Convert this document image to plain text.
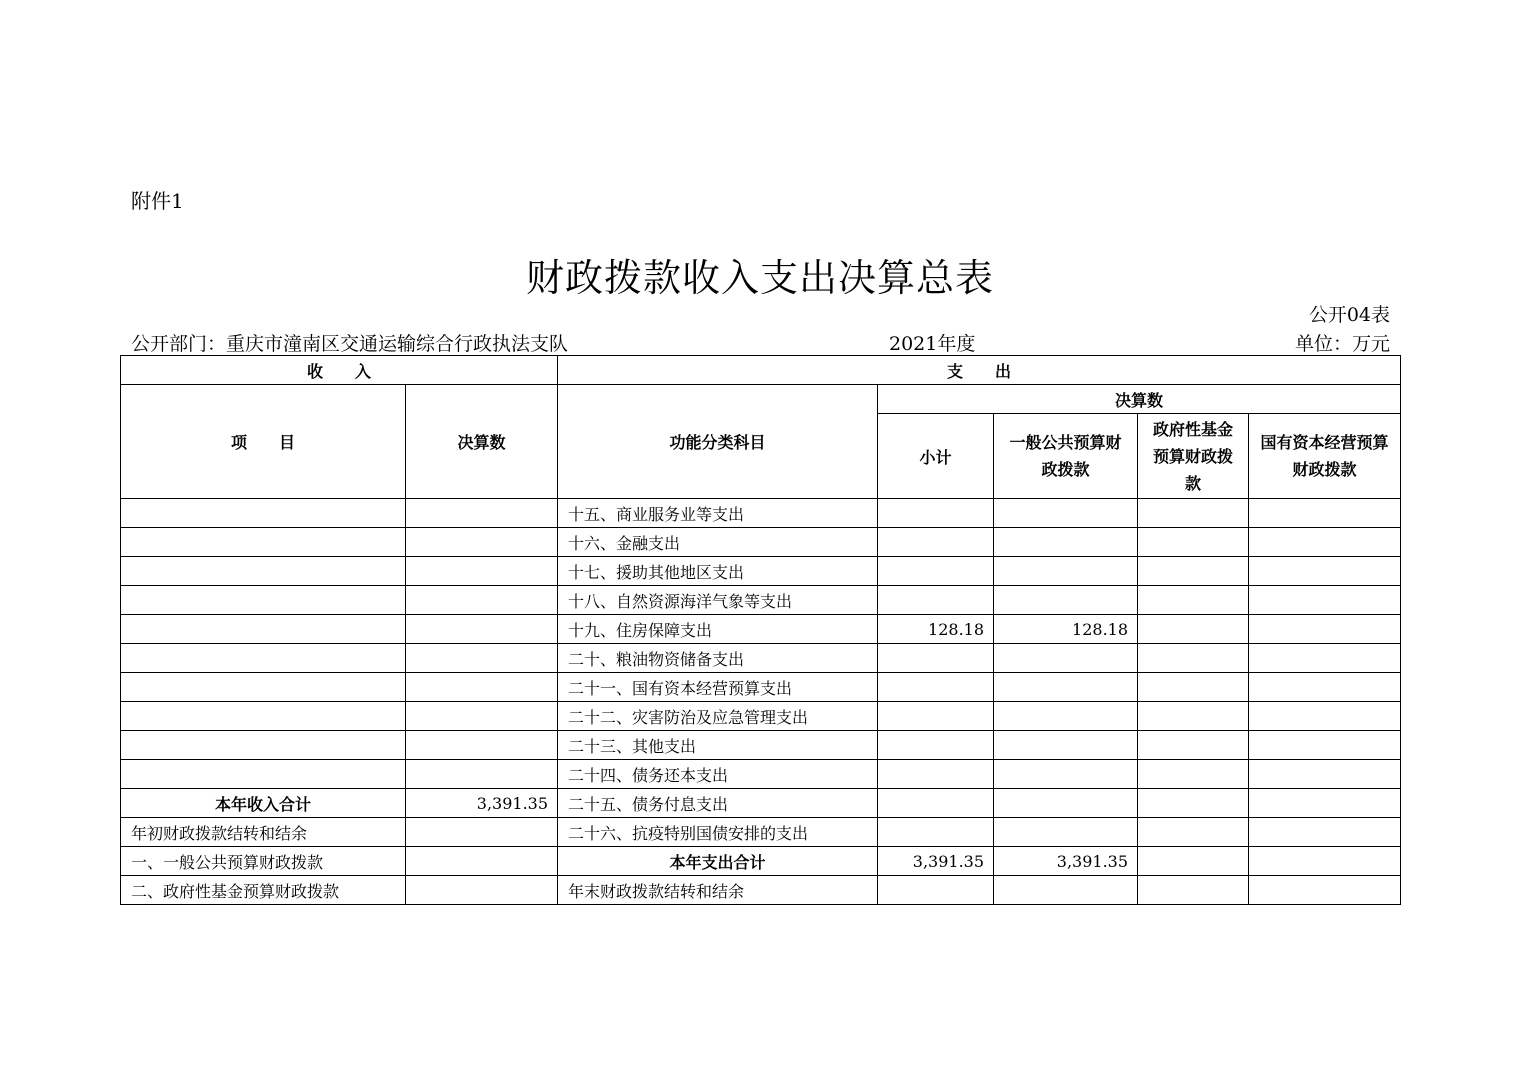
附件1
财政拨款收入支出决算总表
公开04表
公开部门：重庆市潼南区交通运输综合行政执法支队	2021年度	单位：万元
收　　入		支　　出				
项　　目	决算数	功能分类科目	决算数			
			小计	一般公共预算财政拨款	政府性基金预算财政拨款	国有资本经营预算财政拨款
		十五、商业服务业等支出				
		十六、金融支出				
		十七、援助其他地区支出				
		十八、自然资源海洋气象等支出				
		十九、住房保障支出	128.18	128.18		
		二十、粮油物资储备支出				
		二十一、国有资本经营预算支出				
		二十二、灾害防治及应急管理支出				
		二十三、其他支出				
		二十四、债务还本支出				
本年收入合计	3,391.35	二十五、债务付息支出				
年初财政拨款结转和结余		二十六、抗疫特别国债安排的支出				
一、一般公共预算财政拨款		本年支出合计	3,391.35	3,391.35		
二、政府性基金预算财政拨款		年末财政拨款结转和结余				
